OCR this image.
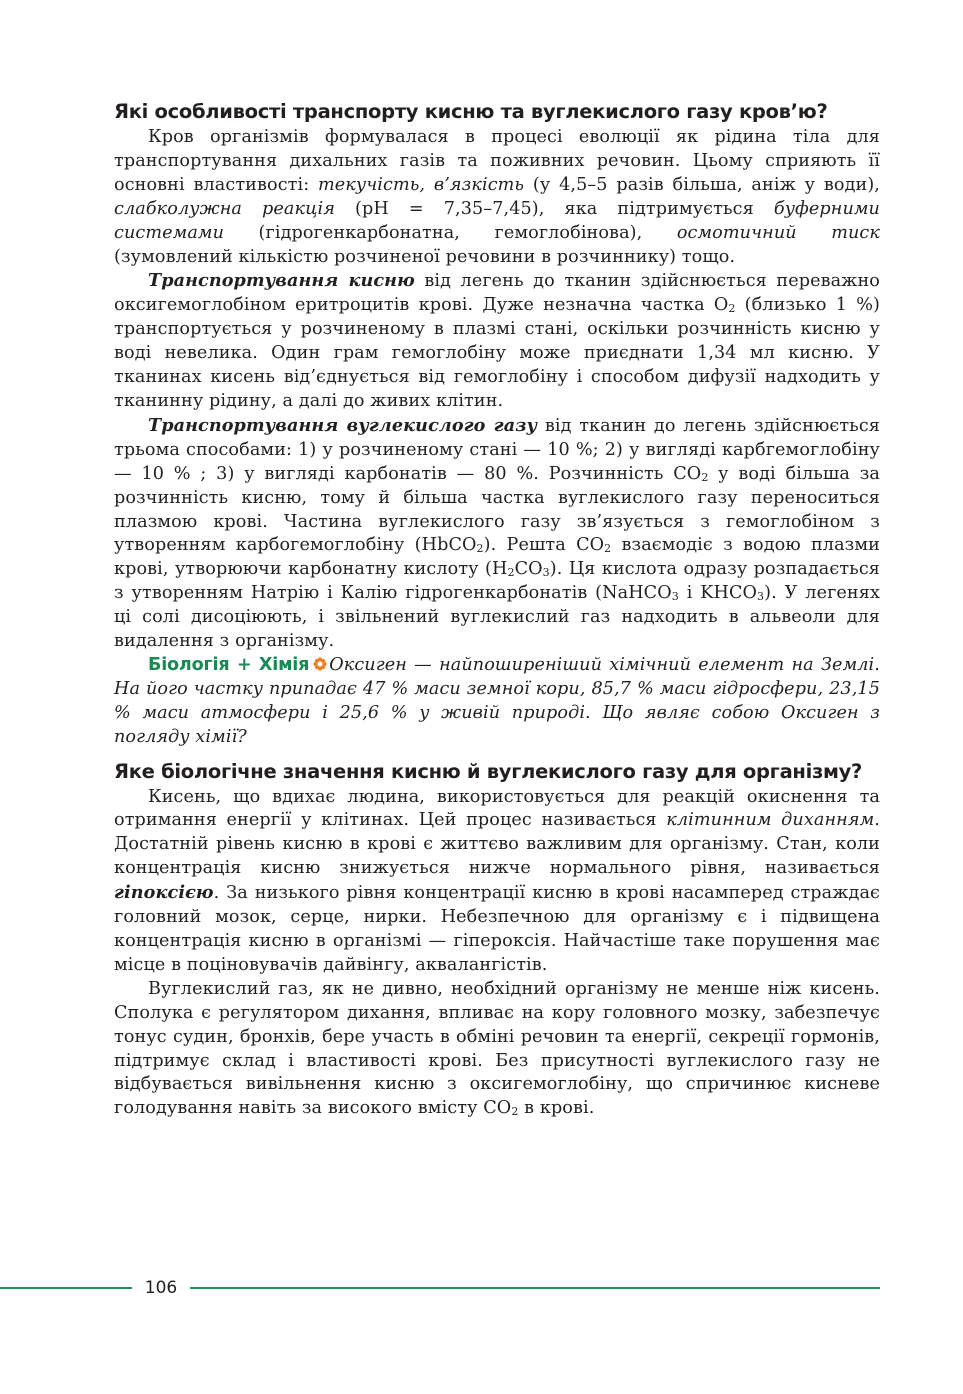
Які особливості транспорту кисню та вуглекислого газу кров’ю?

Кров організмів формувалася в процесі еволюції як рідина тіла для транспортування дихальних газів та поживних речовин. Цьому сприяють її основні властивості: текучість, в’язкість (у 4,5–5 разів більша, аніж у води), слабколужна реакція (pH = 7,35–7,45), яка підтримується буферними системами (гідрогенкарбонатна, гемоглобінова), осмотичний тиск (зумовлений кількістю розчиненої речовини в розчиннику) тощо.

Транспортування кисню від легень до тканин здійснюється переважно оксигемоглобіном еритроцитів крові. Дуже незначна частка $O_2$ (близько 1 %) транспортується у розчиненому в плазмі стані, оскільки розчинність кисню у воді невелика. Один грам гемоглобіну може приєднати 1,34 мл кисню. У тканинах кисень від’єднується від гемоглобіну і способом дифузії надходить у тканинну рідину, а далі до живих клітин.

Транспортування вуглекислого газу від тканин до легень здійснюється трьома способами: 1) у розчиненому стані — 10 %; 2) у вигляді карбгемоглобіну — 10 % ; 3) у вигляді карбонатів — 80 %. Розчинність $CO_2$ у воді більша за розчинність кисню, тому й більша частка вуглекислого газу переноситься плазмою крові. Частина вуглекислого газу зв’язується з гемоглобіном з утворенням карбогемоглобіну (HbCO$_2$). Решта $CO_2$ взаємодіє з водою плазми крові, утворюючи карбонатну кислоту $(H_2CO_3)$. Ця кислота одразу розпадається з утворенням Натрію і Калію гідрогенкарбонатів (NaHCO$_3$ і $KHCO_3$). У легенях ці солі дисоціюють, і звільнений вуглекислий газ надходить в альвеоли для видалення з організму.

Біологія + Хімія Оксиген — найпоширеніший хімічний елемент на Землі. На його частку припадає 47 % маси земної кори, 85,7 % маси гідросфери, 23,15 % маси атмосфери і 25,6 % у живій природі. Що являє собою Оксиген з погляду хімії?

Яке біологічне значення кисню й вуглекислого газу для організму?

Кисень, що вдихає людина, використовується для реакцій окиснення та отримання енергії у клітинах. Цей процес називається клітинним диханням. Достатній рівень кисню в крові є життєво важливим для організму. Стан, коли концентрація кисню знижується нижче нормального рівня, називається гіпоксією. За низького рівня концентрації кисню в крові насамперед страждає головний мозок, серце, нирки. Небезпечною для організму є і підвищена концентрація кисню в організмі — гіпероксія. Найчастіше таке порушення має місце в поціновувачів дайвінгу, аквалангістів.

Вуглекислий газ, як не дивно, необхідний організму не менше ніж кисень. Сполука є регулятором дихання, впливає на кору головного мозку, забезпечує тонус судин, бронхів, бере участь в обміні речовин та енергії, секреції гормонів, підтримує склад і властивості крові. Без присутності вуглекислого газу не відбувається вивільнення кисню з оксигемоглобіну, що спричинює кисневе голодування навіть за високого вмісту $CO_2$ в крові.

106
